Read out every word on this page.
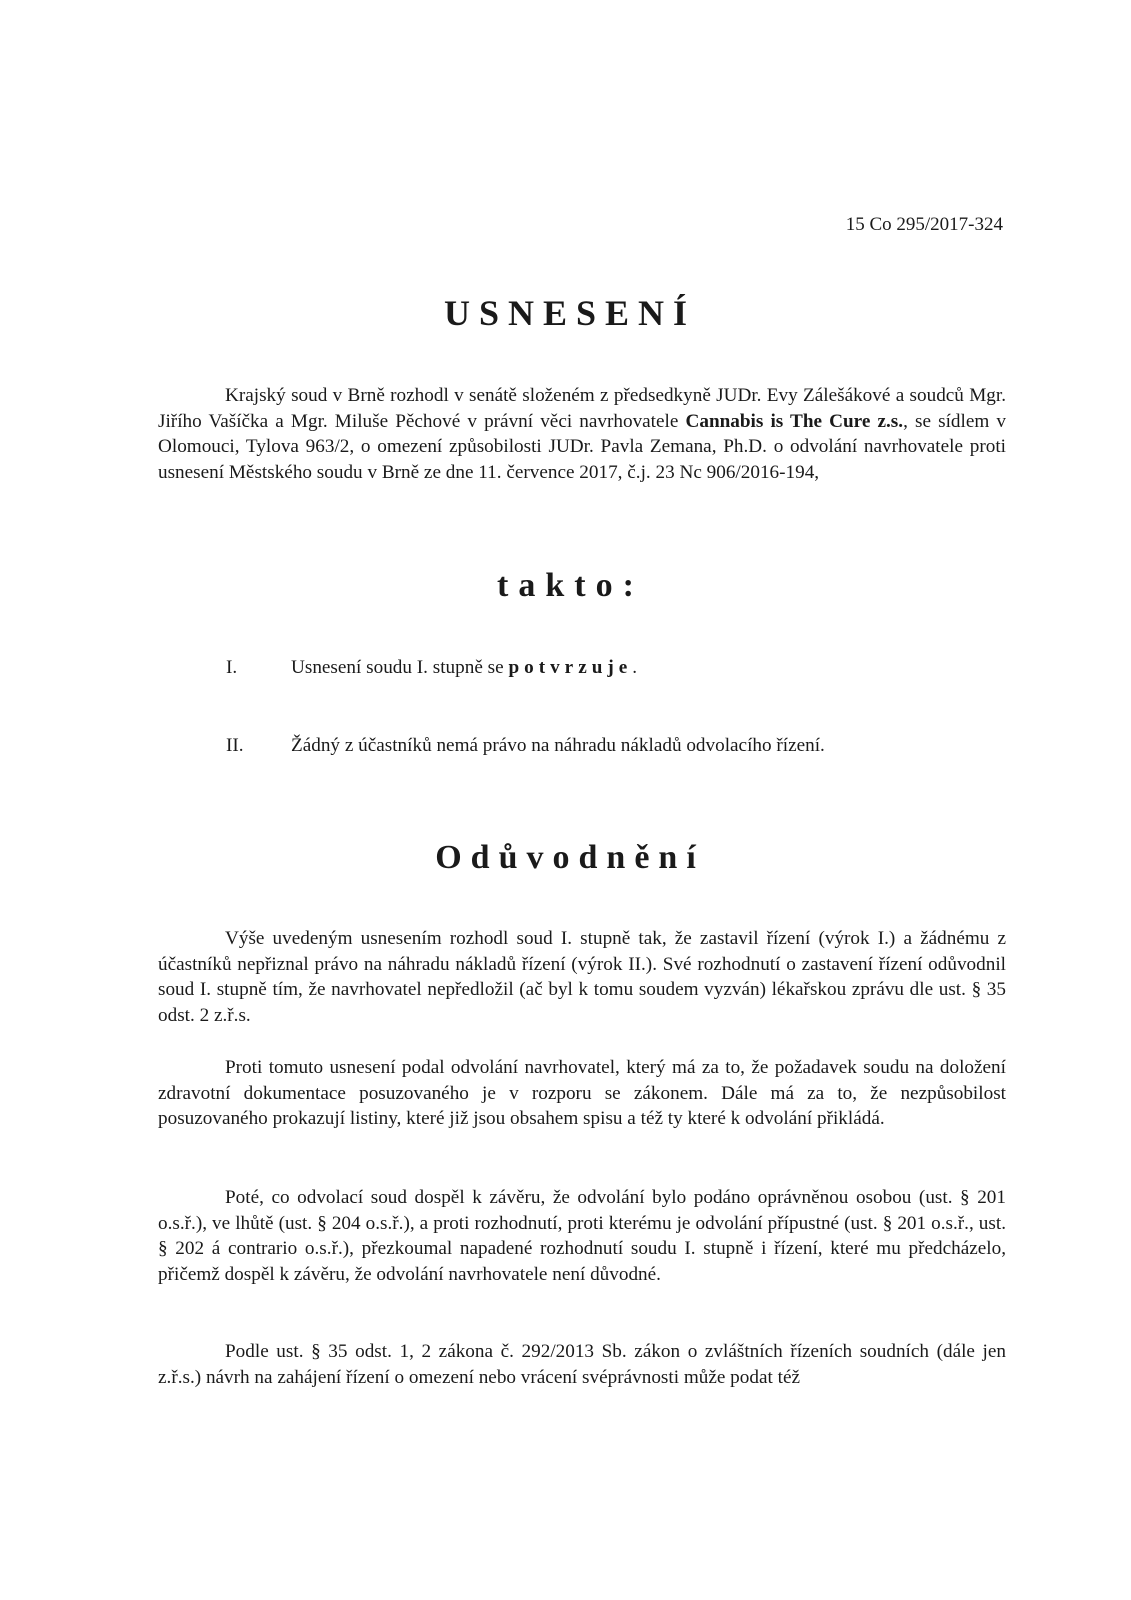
15 Co 295/2017-324
USNESENÍ

Krajský soud v Brně rozhodl v senátě složeném z předsedkyně JUDr. Evy Zálešákové a soudců Mgr. Jiřího Vašíčka a Mgr. Miluše Pěchové v právní věci navrhovatele Cannabis is The Cure z.s., se sídlem v Olomouci, Tylova 963/2, o omezení způsobilosti JUDr. Pavla Zemana, Ph.D. o odvolání navrhovatele proti usnesení Městského soudu v Brně ze dne 11. července 2017, č.j. 23 Nc 906/2016-194,

takto:
I.	Usnesení soudu I. stupně se potvrzuje.
II. Žádný z účastníků nemá právo na náhradu nákladů odvolacího řízení.
Odůvodnění

Výše uvedeným usnesením rozhodl soud I. stupně tak, že zastavil řízení (výrok I.) a žádnému z účastníků nepřiznal právo na náhradu nákladů řízení (výrok II.). Své rozhodnutí o zastavení řízení odůvodnil soud I. stupně tím, že navrhovatel nepředložil (ač byl k tomu soudem vyzván) lékařskou zprávu dle ust. § 35 odst. 2 z.ř.s.

Proti tomuto usnesení podal odvolání navrhovatel, který má za to, že požadavek soudu na doložení zdravotní dokumentace posuzovaného je v rozporu se zákonem. Dále má za to, že nezpůsobilost posuzovaného prokazují listiny, které již jsou obsahem spisu a též ty které k odvolání přikládá.

Poté, co odvolací soud dospěl k závěru, že odvolání bylo podáno oprávněnou osobou (ust. § 201 o.s.ř.), ve lhůtě (ust. § 204 o.s.ř.), a proti rozhodnutí, proti kterému je odvolání přípustné (ust. § 201 o.s.ř., ust. § 202 á contrario o.s.ř.), přezkoumal napadené rozhodnutí soudu I. stupně i řízení, které mu předcházelo, přičemž dospěl k závěru, že odvolání navrhovatele není důvodné.

Podle ust. § 35 odst. 1, 2 zákona č. 292/2013 Sb. zákon o zvláštních řízeních soudních (dále jen z.ř.s.) návrh na zahájení řízení o omezení nebo vrácení svéprávnosti může podat též
